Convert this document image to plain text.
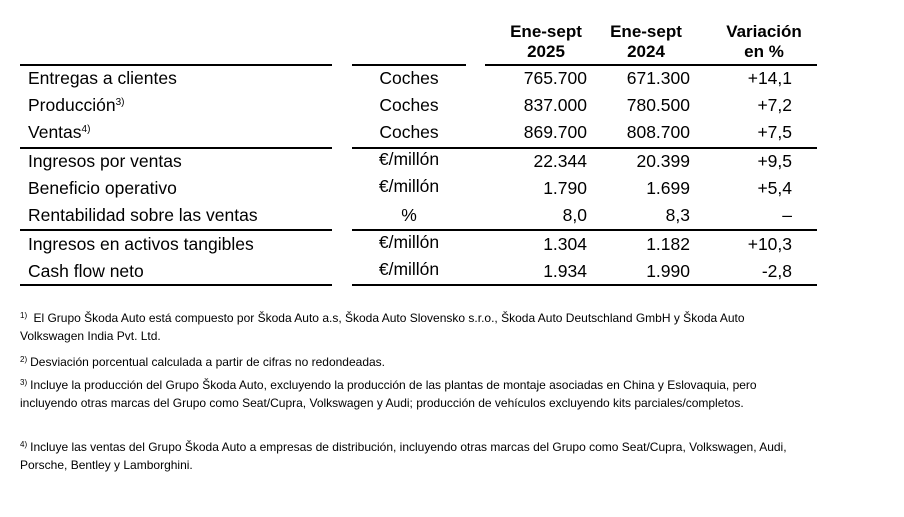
Ene-sept
2025
Ene-sept
2024
Variación
en %
Entregas a clientes	Coches	765.700	671.300	+14,1
Producción$^{3)}$	Coches	837.000	780.500	+7,2
Ventas$^{4)}$	Coches	869.700	808.700	+7,5
Ingresos por ventas	€/millón	22.344	20.399	+9,5
Beneficio operativo	€/millón	1.790	1.699	+5,4
Rentabilidad sobre las ventas	%	8,0	8,3	–
Ingresos en activos tangibles	€/millón	1.304	1.182	+10,3
Cash flow neto	€/millón	1.934	1.990	-2,8
$^{1)}$ El Grupo Škoda Auto está compuesto por Škoda Auto a.s, Škoda Auto Slovensko s.r.o., Škoda Auto Deutschland GmbH y Škoda Auto Volkswagen India Pvt. Ltd.
$^{2)}$ Desviación porcentual calculada a partir de cifras no redondeadas.
$^{3)}$ Incluye la producción del Grupo Škoda Auto, excluyendo la producción de las plantas de montaje asociadas en China y Eslovaquia, pero incluyendo otras marcas del Grupo como Seat/Cupra, Volkswagen y Audi; producción de vehículos excluyendo kits parciales/completos.
$^{4)}$ Incluye las ventas del Grupo Škoda Auto a empresas de distribución, incluyendo otras marcas del Grupo como Seat/Cupra, Volkswagen, Audi, Porsche, Bentley y Lamborghini.
